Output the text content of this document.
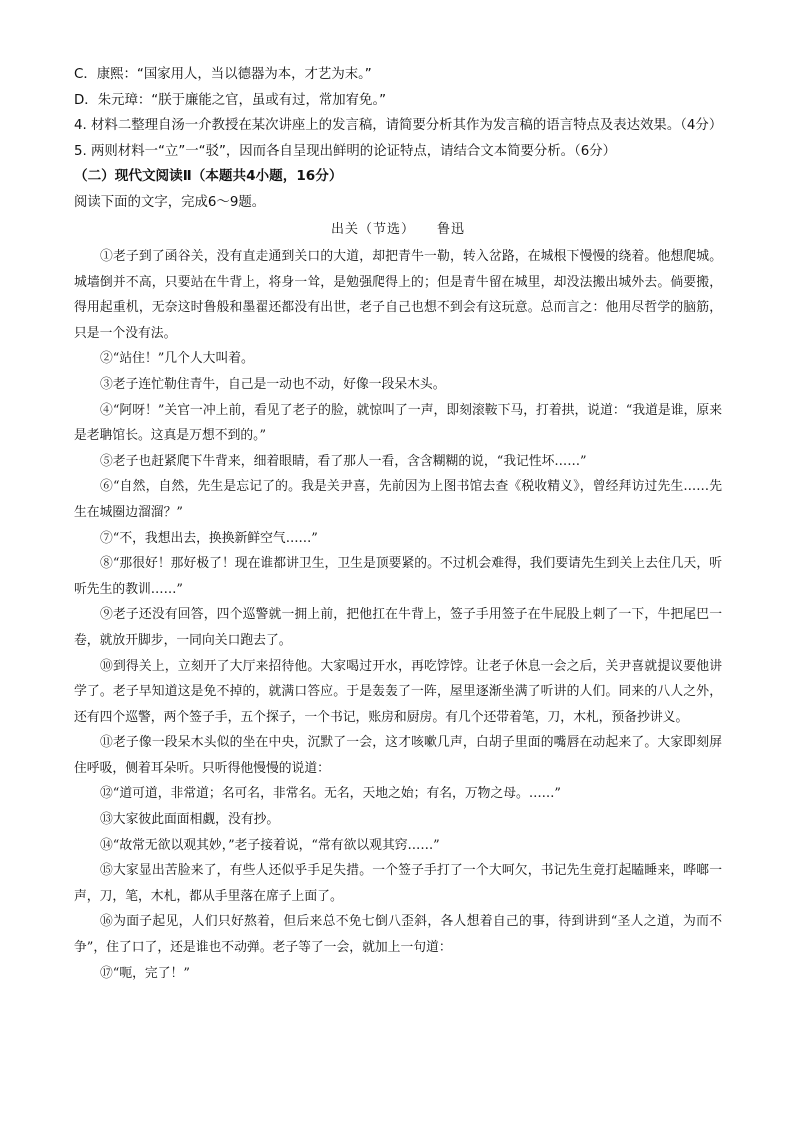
C．康熙：“国家用人，当以德器为本，才艺为末。”

D．朱元璋：“朕于廉能之官，虽或有过，常加宥免。”

4. 材料二整理自汤一介教授在某次讲座上的发言稿，请简要分析其作为发言稿的语言特点及表达效果。（4分）

5. 两则材料一“立”一“驳”，因而各自呈现出鲜明的论证特点，请结合文本简要分析。（6分）

（二）现代文阅读Ⅱ（本题共4小题，16分）

阅读下面的文字，完成6～9题。

出关（节选） 鲁迅

①老子到了函谷关，没有直走通到关口的大道，却把青牛一勒，转入岔路，在城根下慢慢的绕着。他想爬城。城墙倒并不高，只要站在牛背上，将身一耸，是勉强爬得上的；但是青牛留在城里，却没法搬出城外去。倘要搬，得用起重机，无奈这时鲁般和墨翟还都没有出世，老子自己也想不到会有这玩意。总而言之：他用尽哲学的脑筋，只是一个没有法。

②“站住！”几个人大叫着。

③老子连忙勒住青牛，自己是一动也不动，好像一段呆木头。

④“阿呀！”关官一冲上前，看见了老子的脸，就惊叫了一声，即刻滚鞍下马，打着拱，说道：“我道是谁，原来是老聃馆长。这真是万想不到的。”

⑤老子也赶紧爬下牛背来，细着眼睛，看了那人一看，含含糊糊的说，“我记性坏……”

⑥“自然，自然，先生是忘记了的。我是关尹喜，先前因为上图书馆去查《税收精义》，曾经拜访过先生……先生在城圈边溜溜？”

⑦“不，我想出去，换换新鲜空气……”

⑧“那很好！那好极了！现在谁都讲卫生，卫生是顶要紧的。不过机会难得，我们要请先生到关上去住几天，听听先生的教训……”

⑨老子还没有回答，四个巡警就一拥上前，把他扛在牛背上，签子手用签子在牛屁股上刺了一下，牛把尾巴一卷，就放开脚步，一同向关口跑去了。

⑩到得关上，立刻开了大厅来招待他。大家喝过开水，再吃饽饽。让老子休息一会之后，关尹喜就提议要他讲学了。老子早知道这是免不掉的，就满口答应。于是轰轰了一阵，屋里逐渐坐满了听讲的人们。同来的八人之外，还有四个巡警，两个签子手，五个探子，一个书记，账房和厨房。有几个还带着笔，刀，木札，预备抄讲义。

⑪老子像一段呆木头似的坐在中央，沉默了一会，这才咳嗽几声，白胡子里面的嘴唇在动起来了。大家即刻屏住呼吸，侧着耳朵听。只听得他慢慢的说道：

⑫“道可道，非常道；名可名，非常名。无名，天地之始；有名，万物之母。……”

⑬大家彼此面面相觑，没有抄。

⑭“故常无欲以观其妙，”老子接着说，“常有欲以观其窍……”

⑮大家显出苦脸来了，有些人还似乎手足失措。一个签子手打了一个大呵欠，书记先生竟打起瞌睡来，哗啷一声，刀，笔，木札，都从手里落在席子上面了。

⑯为面子起见，人们只好熬着，但后来总不免七倒八歪斜，各人想着自己的事，待到讲到“圣人之道，为而不争”，住了口了，还是谁也不动弹。老子等了一会，就加上一句道：

⑰“呃，完了！”
